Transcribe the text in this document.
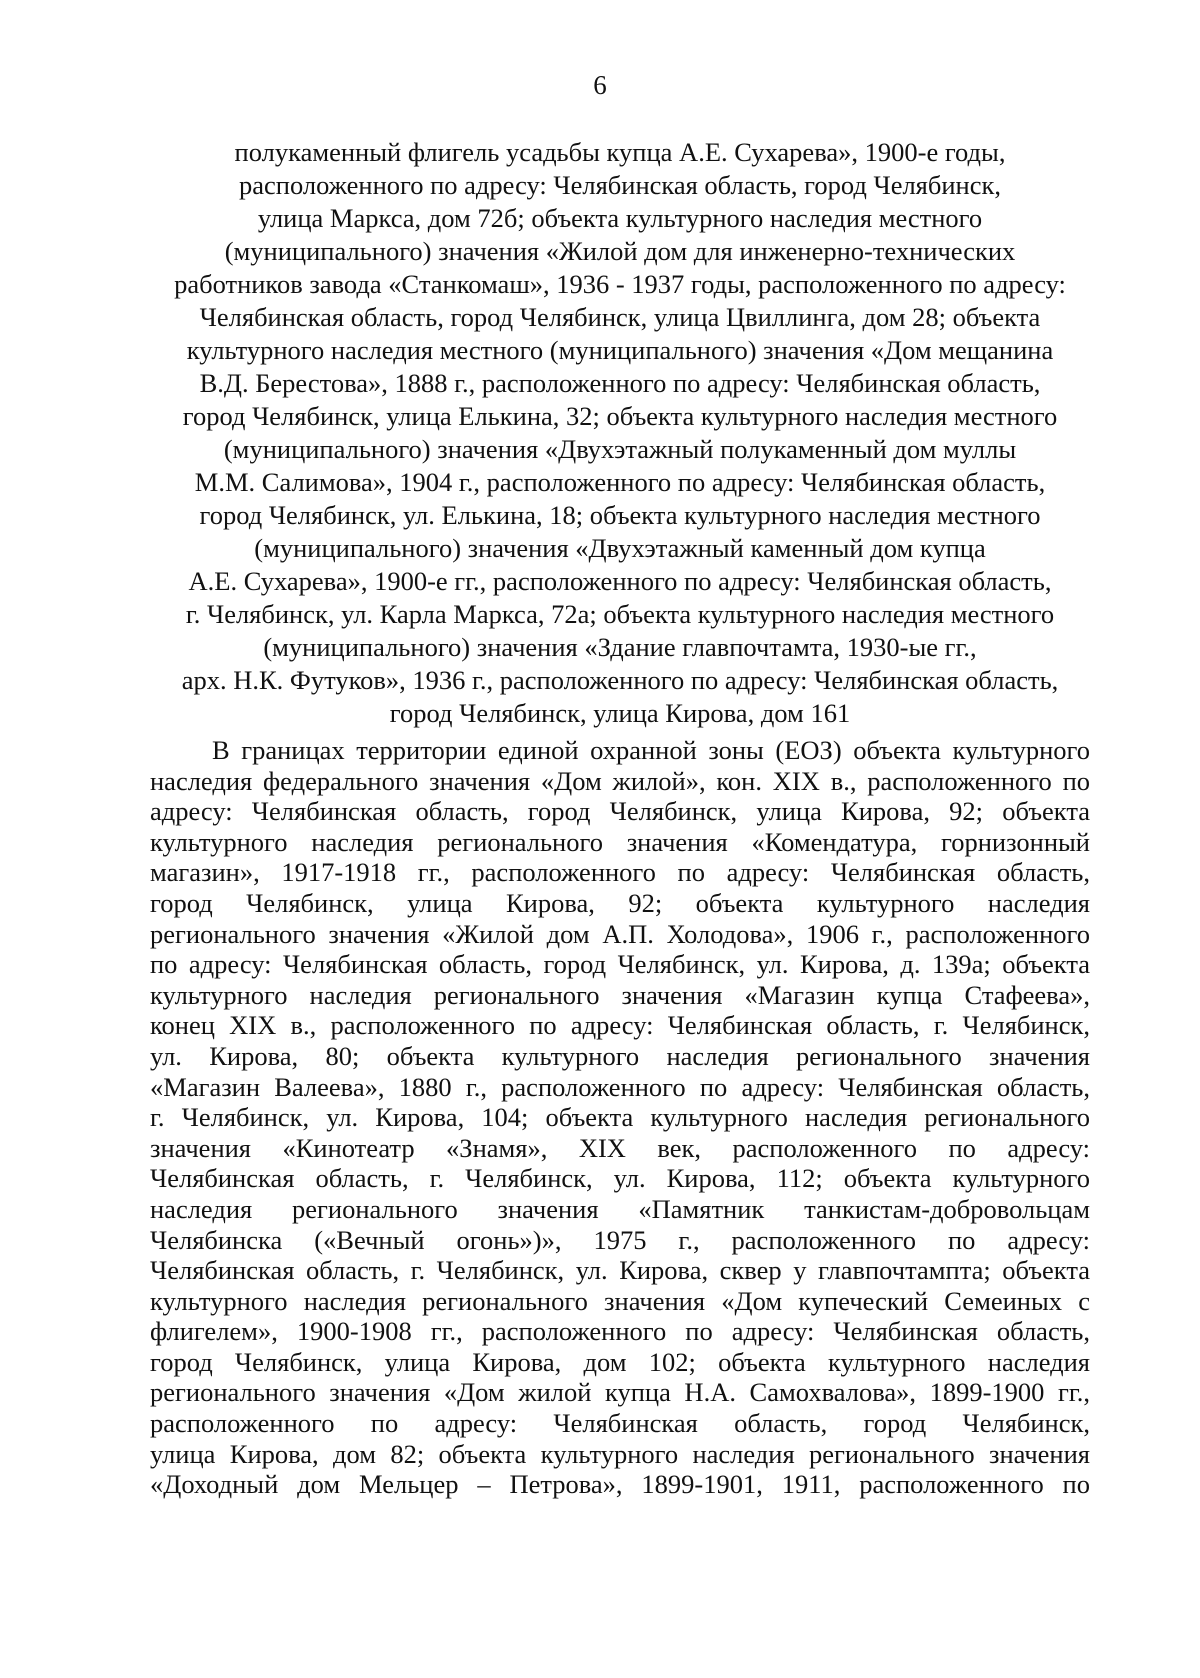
6
полукаменный флигель усадьбы купца А.Е. Сухарева», 1900-е годы,
расположенного по адресу: Челябинская область, город Челябинск,
улица Маркса, дом 72б; объекта культурного наследия местного
(муниципального) значения «Жилой дом для инженерно-технических
работников завода «Станкомаш», 1936 - 1937 годы, расположенного по адресу:
Челябинская область, город Челябинск, улица Цвиллинга, дом 28; объекта
культурного наследия местного (муниципального) значения «Дом мещанина
В.Д. Берестова», 1888 г., расположенного по адресу: Челябинская область,
город Челябинск, улица Елькина, 32; объекта культурного наследия местного
(муниципального) значения «Двухэтажный полукаменный дом муллы
М.М. Салимова», 1904 г., расположенного по адресу: Челябинская область,
город Челябинск, ул. Елькина, 18; объекта культурного наследия местного
(муниципального) значения «Двухэтажный каменный дом купца
А.Е. Сухарева», 1900-е гг., расположенного по адресу: Челябинская область,
г. Челябинск, ул. Карла Маркса, 72а; объекта культурного наследия местного
(муниципального) значения «Здание главпочтамта, 1930-ые гг.,
арх. Н.К. Футуков», 1936 г., расположенного по адресу: Челябинская область,
город Челябинск, улица Кирова, дом 161
В границах территории единой охранной зоны (ЕОЗ) объекта культурного
наследия федерального значения «Дом жилой», кон. XIX в., расположенного по
адресу: Челябинская область, город Челябинск, улица Кирова, 92; объекта
культурного наследия регионального значения «Комендатура, горнизонный
магазин», 1917-1918 гг., расположенного по адресу: Челябинская область,
город Челябинск, улица Кирова, 92; объекта культурного наследия
регионального значения «Жилой дом А.П. Холодова», 1906 г., расположенного
по адресу: Челябинская область, город Челябинск, ул. Кирова, д. 139а; объекта
культурного наследия регионального значения «Магазин купца Стафеева»,
конец XIX в., расположенного по адресу: Челябинская область, г. Челябинск,
ул. Кирова, 80; объекта культурного наследия регионального значения
«Магазин Валеева», 1880 г., расположенного по адресу: Челябинская область,
г. Челябинск, ул. Кирова, 104; объекта культурного наследия регионального
значения «Кинотеатр «Знамя», XIX век, расположенного по адресу:
Челябинская область, г. Челябинск, ул. Кирова, 112; объекта культурного
наследия регионального значения «Памятник танкистам-добровольцам
Челябинска («Вечный огонь»)», 1975 г., расположенного по адресу:
Челябинская область, г. Челябинск, ул. Кирова, сквер у главпочтампта; объекта
культурного наследия регионального значения «Дом купеческий Семеиных с
флигелем», 1900-1908 гг., расположенного по адресу: Челябинская область,
город Челябинск, улица Кирова, дом 102; объекта культурного наследия
регионального значения «Дом жилой купца Н.А. Самохвалова», 1899-1900 гг.,
расположенного по адресу: Челябинская область, город Челябинск,
улица Кирова, дом 82; объекта культурного наследия регионального значения
«Доходный дом Мельцер – Петрова», 1899-1901, 1911, расположенного по
